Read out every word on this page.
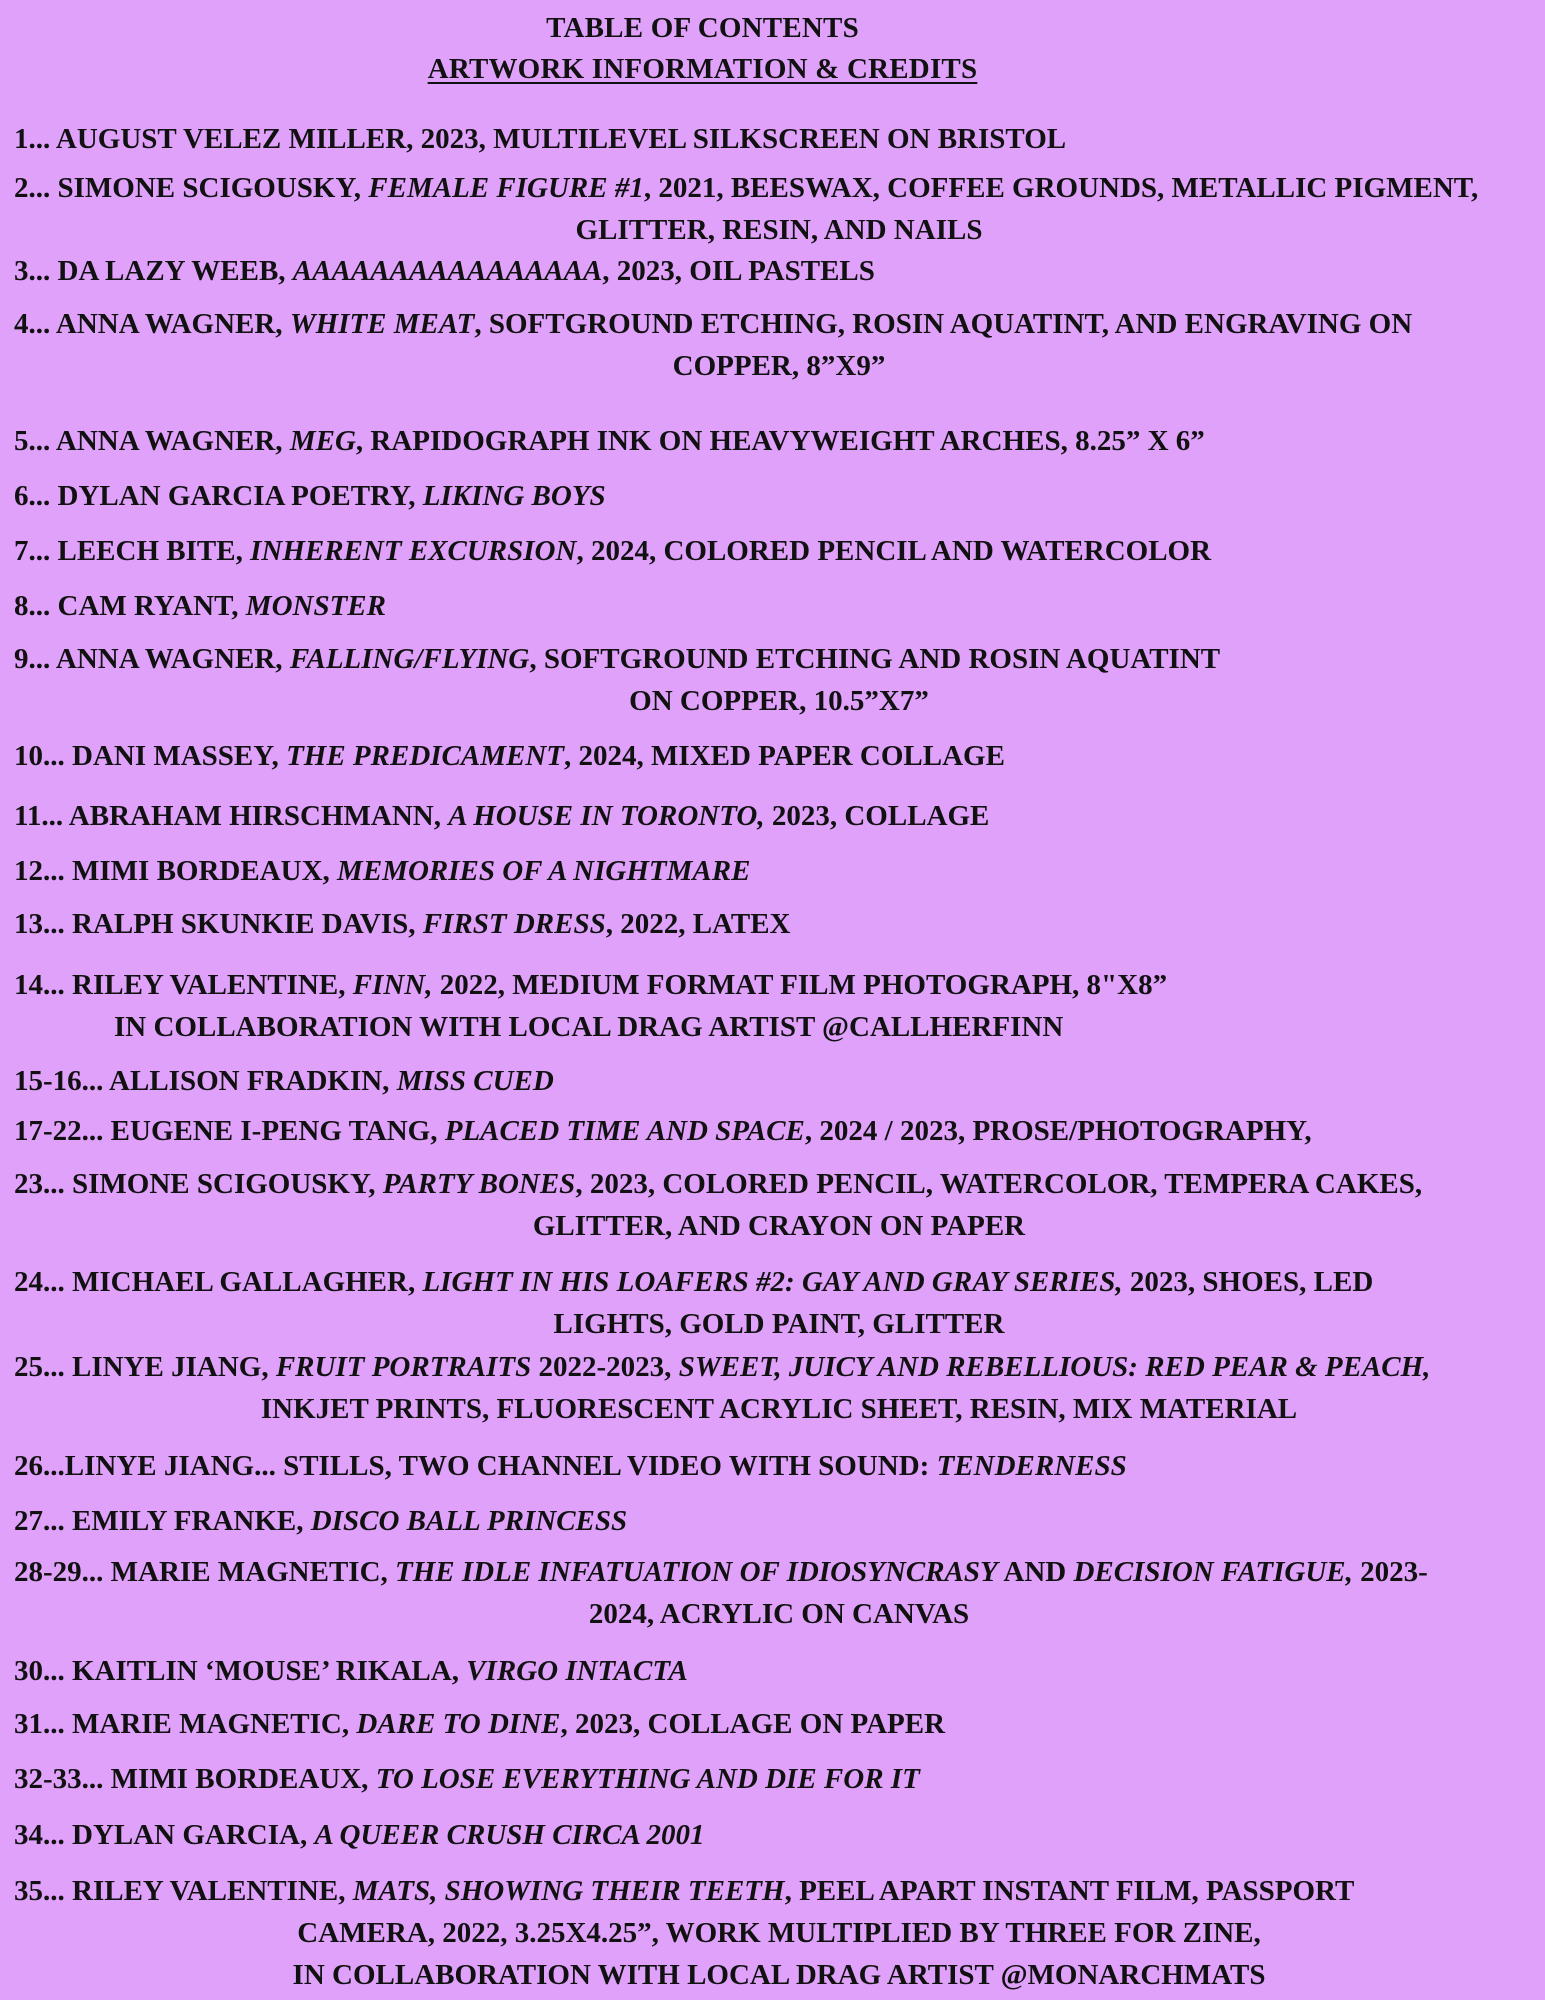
TABLE OF CONTENTS
ARTWORK INFORMATION & CREDITS
1... AUGUST VELEZ MILLER, 2023, MULTILEVEL SILKSCREEN ON BRISTOL
2... SIMONE SCIGOUSKY, FEMALE FIGURE #1, 2021, BEESWAX, COFFEE GROUNDS, METALLIC PIGMENT,
GLITTER, RESIN, AND NAILS
3... DA LAZY WEEB, AAAAAAAAAAAAAAAA, 2023, OIL PASTELS
4... ANNA WAGNER, WHITE MEAT, SOFTGROUND ETCHING, ROSIN AQUATINT, AND ENGRAVING ON
COPPER, 8”X9”
5... ANNA WAGNER, MEG, RAPIDOGRAPH INK ON HEAVYWEIGHT ARCHES, 8.25” X 6”
6... DYLAN GARCIA POETRY, LIKING BOYS
7... LEECH BITE, INHERENT EXCURSION, 2024, COLORED PENCIL AND WATERCOLOR
8... CAM RYANT, MONSTER
9... ANNA WAGNER, FALLING/FLYING, SOFTGROUND ETCHING AND ROSIN AQUATINT
ON COPPER, 10.5”X7”
10... DANI MASSEY, THE PREDICAMENT, 2024, MIXED PAPER COLLAGE
11... ABRAHAM HIRSCHMANN, A HOUSE IN TORONTO, 2023, COLLAGE
12... MIMI BORDEAUX, MEMORIES OF A NIGHTMARE
13... RALPH SKUNKIE DAVIS, FIRST DRESS, 2022, LATEX
14... RILEY VALENTINE, FINN, 2022, MEDIUM FORMAT FILM PHOTOGRAPH, 8"X8”
IN COLLABORATION WITH LOCAL DRAG ARTIST @CALLHERFINN
15-16... ALLISON FRADKIN, MISS CUED
17-22... EUGENE I-PENG TANG, PLACED TIME AND SPACE, 2024 / 2023, PROSE/PHOTOGRAPHY,
23... SIMONE SCIGOUSKY, PARTY BONES, 2023, COLORED PENCIL, WATERCOLOR, TEMPERA CAKES,
GLITTER, AND CRAYON ON PAPER
24... MICHAEL GALLAGHER, LIGHT IN HIS LOAFERS #2: GAY AND GRAY SERIES, 2023, SHOES, LED
LIGHTS, GOLD PAINT, GLITTER
25... LINYE JIANG, FRUIT PORTRAITS 2022-2023, SWEET, JUICY AND REBELLIOUS: RED PEAR & PEACH,
INKJET PRINTS, FLUORESCENT ACRYLIC SHEET, RESIN, MIX MATERIAL
26...LINYE JIANG... STILLS, TWO CHANNEL VIDEO WITH SOUND: TENDERNESS
27... EMILY FRANKE, DISCO BALL PRINCESS
28-29... MARIE MAGNETIC, THE IDLE INFATUATION OF IDIOSYNCRASY AND DECISION FATIGUE, 2023-
2024, ACRYLIC ON CANVAS
30... KAITLIN ‘MOUSE’ RIKALA, VIRGO INTACTA
31... MARIE MAGNETIC, DARE TO DINE, 2023, COLLAGE ON PAPER
32-33... MIMI BORDEAUX, TO LOSE EVERYTHING AND DIE FOR IT
34... DYLAN GARCIA, A QUEER CRUSH CIRCA 2001
35... RILEY VALENTINE, MATS, SHOWING THEIR TEETH, PEEL APART INSTANT FILM, PASSPORT
CAMERA, 2022, 3.25X4.25”, WORK MULTIPLIED BY THREE FOR ZINE,
IN COLLABORATION WITH LOCAL DRAG ARTIST @MONARCHMATS
